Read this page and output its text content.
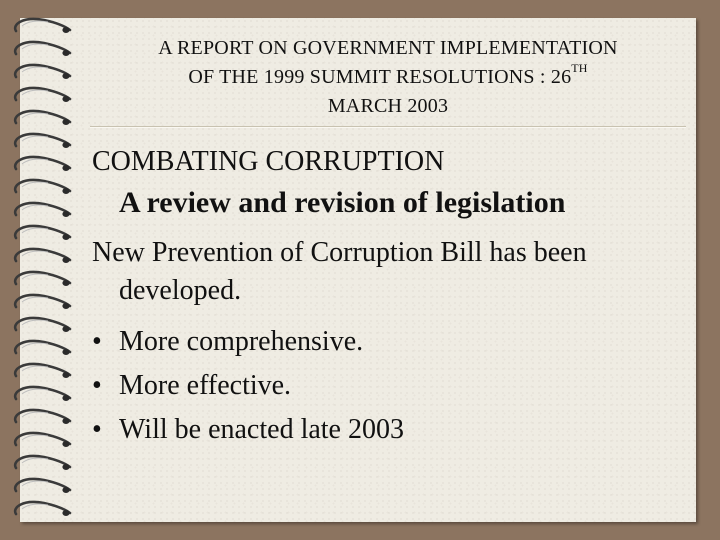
A REPORT ON GOVERNMENT IMPLEMENTATION
OF THE 1999 SUMMIT RESOLUTIONS : 26TH
MARCH 2003
COMBATING CORRUPTION
A review and revision of legislation
New Prevention of Corruption Bill has been
developed.
• More comprehensive.
• More effective.
• Will be enacted late 2003
